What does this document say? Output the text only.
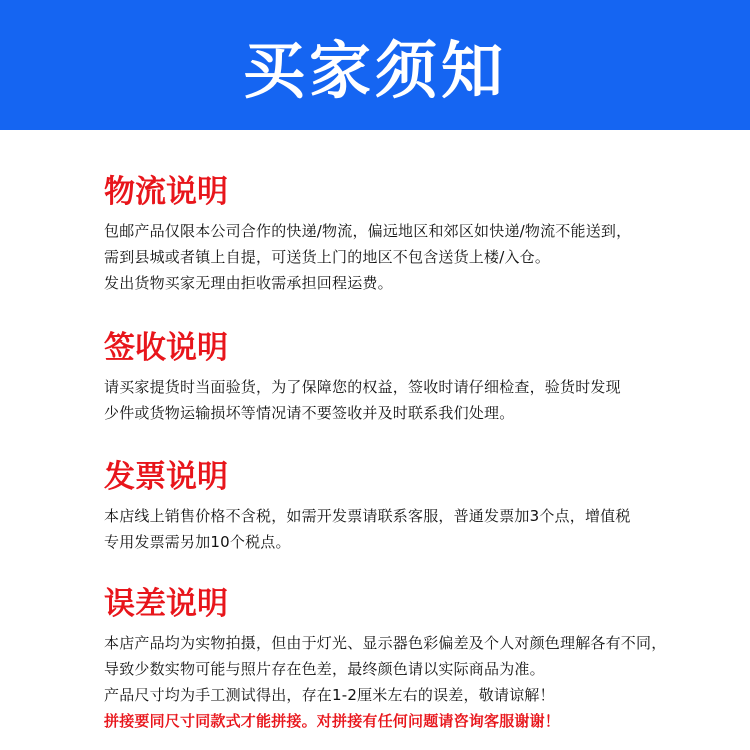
买家须知
物流说明
包邮产品仅限本公司合作的快递/物流，偏远地区和郊区如快递/物流不能送到，
需到县城或者镇上自提，可送货上门的地区不包含送货上楼/入仓。
发出货物买家无理由拒收需承担回程运费。
签收说明
请买家提货时当面验货，为了保障您的权益，签收时请仔细检查，验货时发现
少件或货物运输损坏等情况请不要签收并及时联系我们处理。
发票说明
本店线上销售价格不含税，如需开发票请联系客服，普通发票加3个点，增值税
专用发票需另加10个税点。
误差说明
本店产品均为实物拍摄，但由于灯光、显示器色彩偏差及个人对颜色理解各有不同，
导致少数实物可能与照片存在色差，最终颜色请以实际商品为准。
产品尺寸均为手工测试得出，存在1-2厘米左右的误差，敬请谅解！
拼接要同尺寸同款式才能拼接。对拼接有任何问题请咨询客服谢谢！
